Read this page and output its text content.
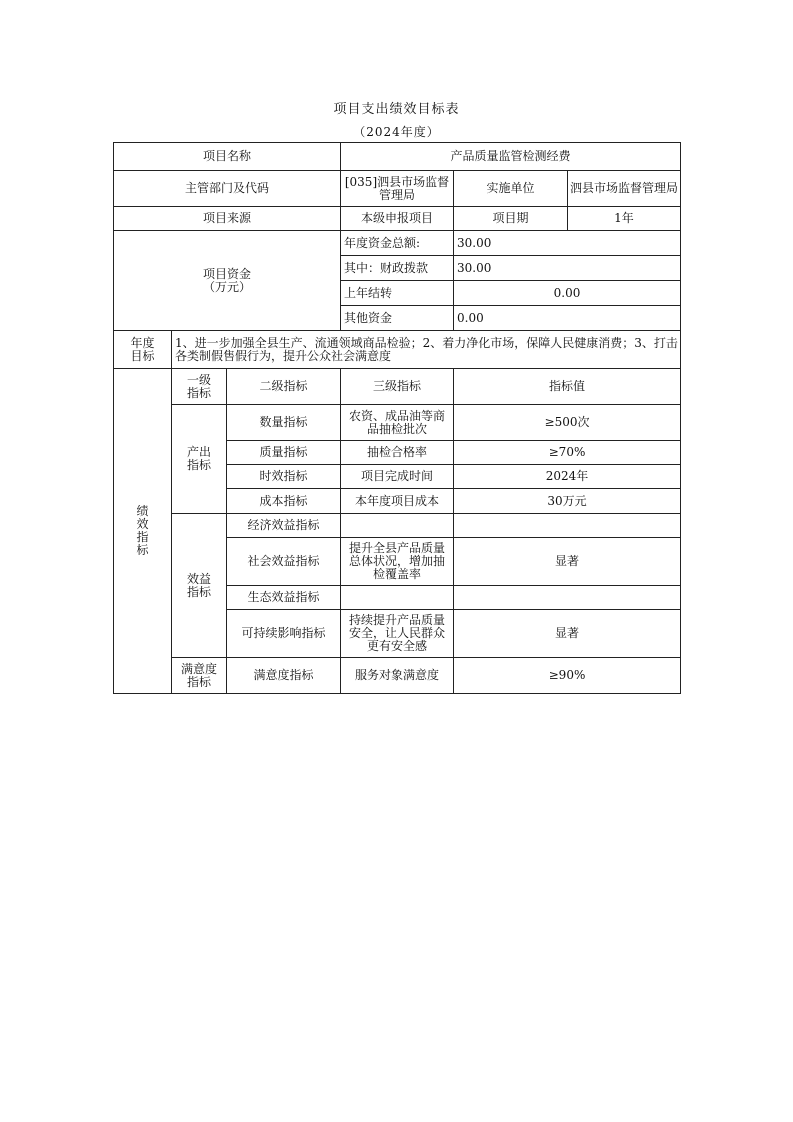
项目支出绩效目标表
（2024年度）
项目名称			产品质量监管检测经费		
主管部门及代码			[035]泗县市场监督管理局	实施单位	泗县市场监督管理局
项目来源			本级申报项目	项目期	1年

项目资金
（万元）			年度资金总额:	30.00	
			其中：财政拨款	30.00	
			上年结转	0.00	
			其他资金	0.00	
年度目标	1、进一步加强全县生产、流通领域商品检验；2、着力净化市场，保障人民健康消费；3、打击各类制假售假行为，提升公众社会满意度				
绩效指标	一级指标	二级指标	三级指标	指标值	
	产出指标	数量指标	农资、成品油等商品抽检批次	≥500次	
		质量指标	抽检合格率	≥70%	
		时效指标	项目完成时间	2024年	
		成本指标	本年度项目成本	30万元	
	效益指标	经济效益指标			
		社会效益指标	提升全县产品质量总体状况，增加抽检覆盖率	显著	
		生态效益指标			
		可持续影响指标	持续提升产品质量安全，让人民群众更有安全感	显著	
	满意度指标	满意度指标	服务对象满意度	≥90%	
